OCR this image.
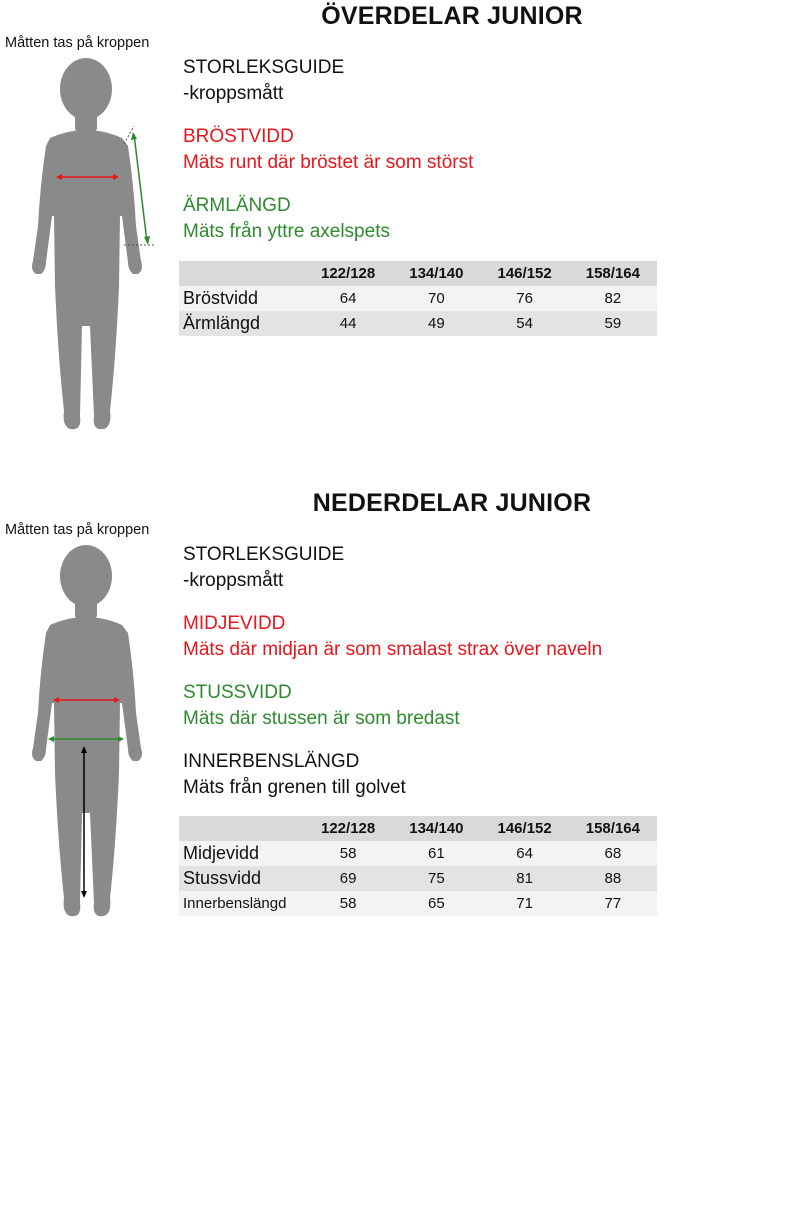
ÖVERDELAR JUNIOR
Måtten tas på kroppen
STORLEKSGUIDE
-kroppsmått
BRÖSTVIDD
Mäts runt där bröstet är som störst
ÄRMLÄNGD
Mäts från yttre axelspets
	122/128	134/140	146/152	158/164
Bröstvidd	64	70	76	82
Ärmlängd	44	49	54	59
NEDERDELAR JUNIOR
Måtten tas på kroppen
STORLEKSGUIDE
-kroppsmått
MIDJEVIDD
Mäts där midjan är som smalast strax över naveln
STUSSVIDD
Mäts där stussen är som bredast
INNERBENSLÄNGD
Mäts från grenen till golvet
	122/128	134/140	146/152	158/164
Midjevidd	58	61	64	68
Stussvidd	69	75	81	88
Innerbenslängd	58	65	71	77
